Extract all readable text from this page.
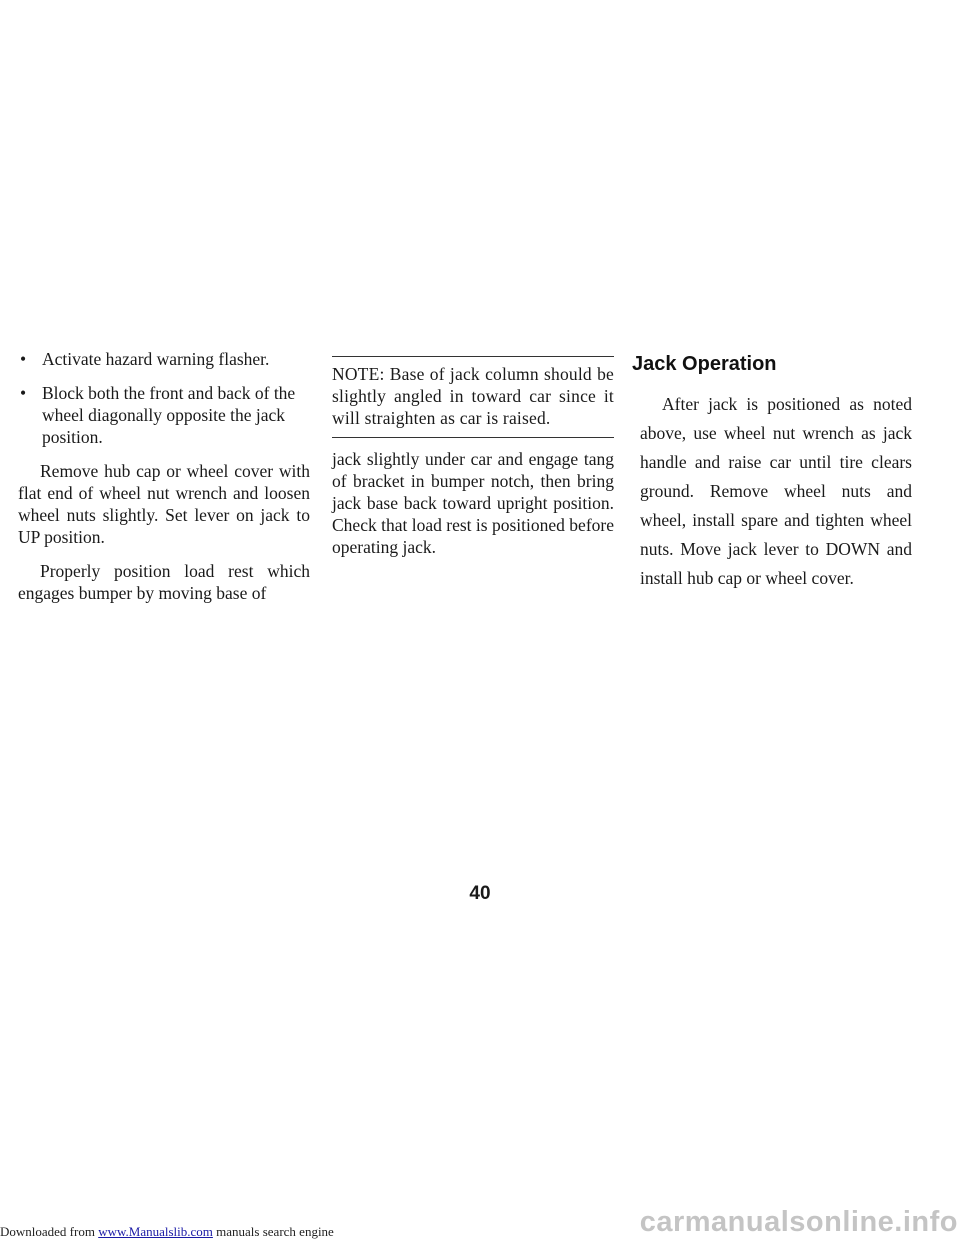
• Activate hazard warning flasher.
• Block both the front and back of the wheel diagonally opposite the jack position.

Remove hub cap or wheel cover with flat end of wheel nut wrench and loosen wheel nuts slightly. Set lever on jack to UP position.

Properly position load rest which engages bumper by moving base of

NOTE: Base of jack column should be slightly angled in toward car since it will straighten as car is raised.

jack slightly under car and engage tang of bracket in bumper notch, then bring jack base back toward upright position. Check that load rest is positioned before operating jack.

Jack Operation

After jack is positioned as noted above, use wheel nut wrench as jack handle and raise car until tire clears ground. Remove wheel nuts and wheel, install spare and tighten wheel nuts. Move jack lever to DOWN and install hub cap or wheel cover.

40
Downloaded from www.Manualslib.com manuals search engine	carmanualsonline.info
